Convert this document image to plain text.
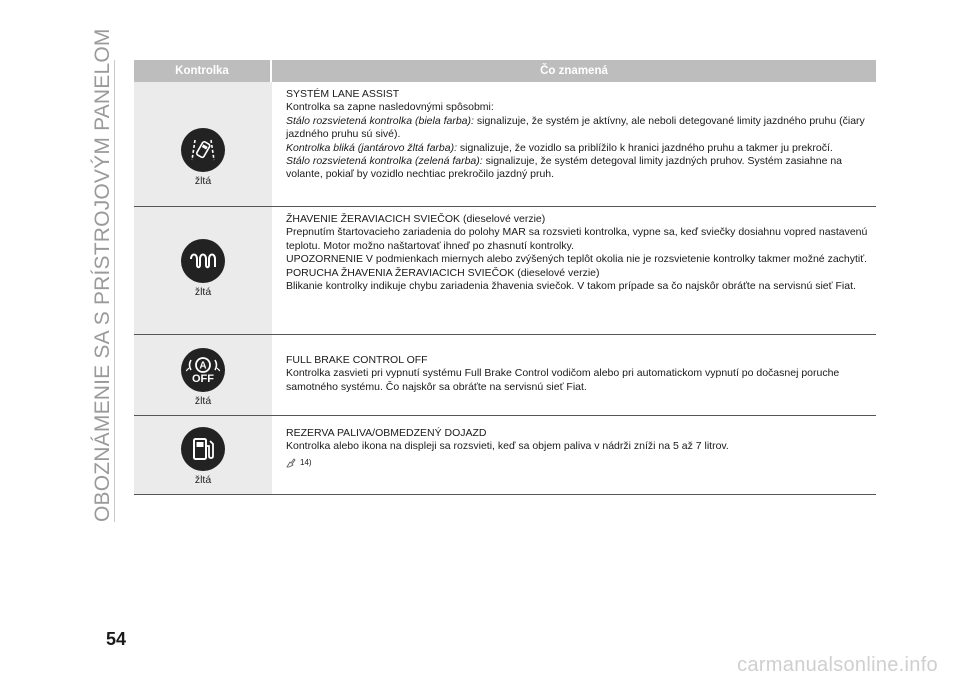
OBOZNÁMENIE SA S PRÍSTROJOVÝM PANELOM	Kontrolka	Čo znamená
žltá

SYSTÉM LANE ASSIST

Kontrolka sa zapne nasledovnými spôsobmi:

Stálo rozsvietená kontrolka (biela farba): signalizuje, že systém je aktívny, ale neboli detegované limity jazdného pruhu (čiary jazdného pruhu sú sivé).

Kontrolka bliká (jantárovo žltá farba): signalizuje, že vozidlo sa priblížilo k hranici jazdného pruhu a takmer ju prekročí.

Stálo rozsvietená kontrolka (zelená farba): signalizuje, že systém detegoval limity jazdných pruhov. Systém zasiahne na volante, pokiaľ by vozidlo nechtiac prekročilo jazdný pruh.

žltá

ŽHAVENIE ŽERAVIACICH SVIEČOK (dieselové verzie)

Prepnutím štartovacieho zariadenia do polohy MAR sa rozsvieti kontrolka, vypne sa, keď sviečky dosiahnu vopred nastavenú teplotu. Motor možno naštartovať ihneď po zhasnutí kontrolky.

UPOZORNENIE V podmienkach miernych alebo zvýšených teplôt okolia nie je rozsvietenie kontrolky takmer možné zachytiť.

PORUCHA ŽHAVENIA ŽERAVIACICH SVIEČOK (dieselové verzie)

Blikanie kontrolky indikuje chybu zariadenia žhavenia sviečok. V takom prípade sa čo najskôr obráťte na servisnú sieť Fiat.

A
OFF
žltá

FULL BRAKE CONTROL OFF

Kontrolka zasvieti pri vypnutí systému Full Brake Control vodičom alebo pri automatickom vypnutí po dočasnej poruche samotného systému. Čo najskôr sa obráťte na servisnú sieť Fiat.

žltá

REZERVA PALIVA/OBMEDZENÝ DOJAZD

Kontrolka alebo ikona na displeji sa rozsvieti, keď sa objem paliva v nádrži zníži na 5 až 7 litrov.

14)
54
carmanualsonline.info
